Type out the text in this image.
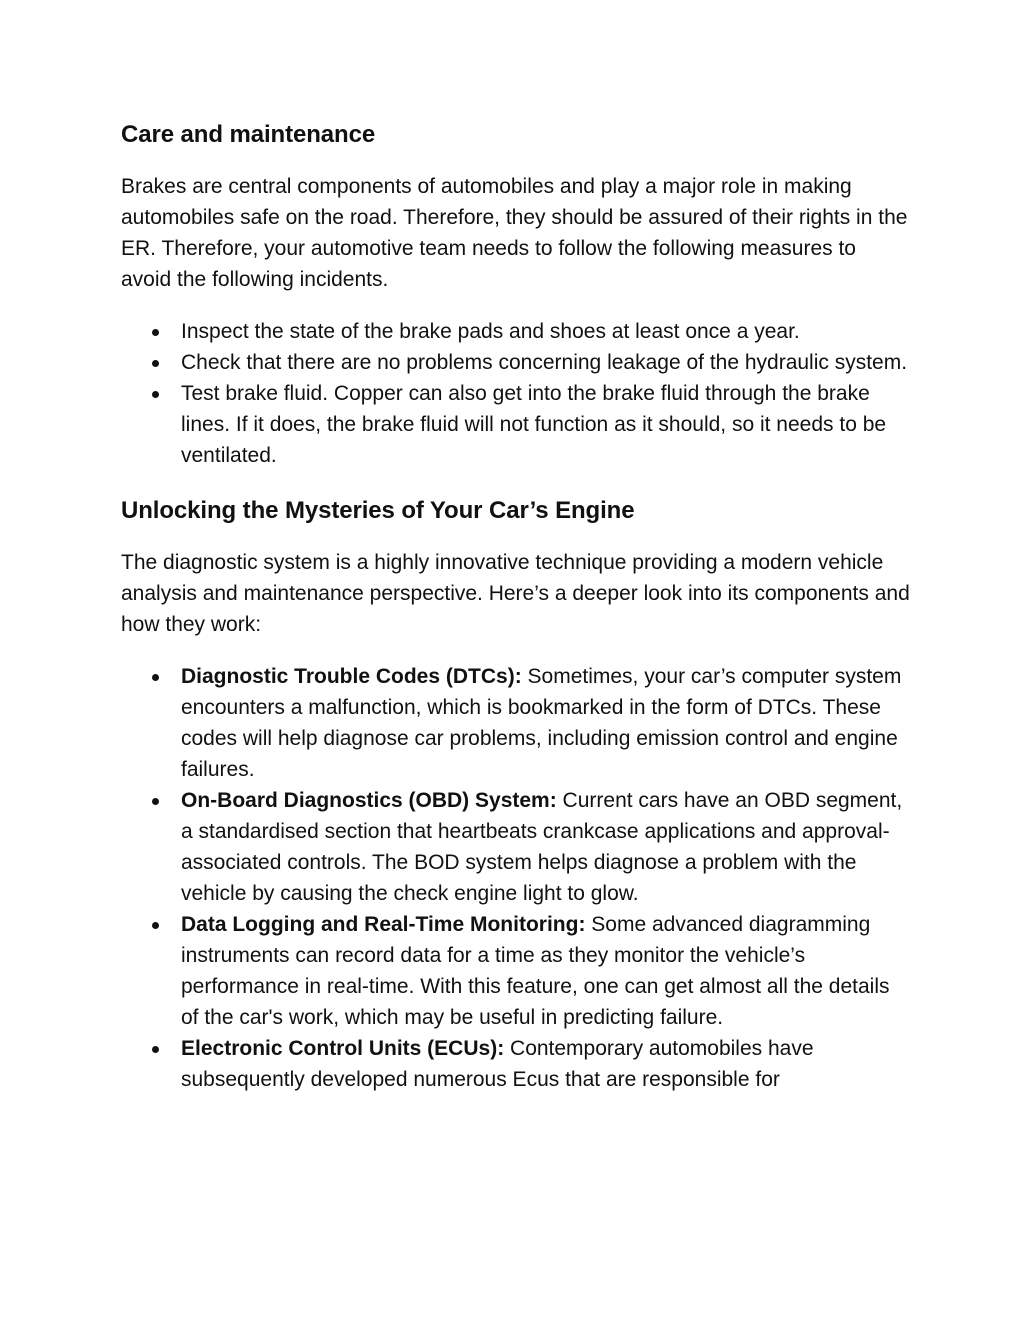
Care and maintenance

Brakes are central components of automobiles and play a major role in making automobiles safe on the road. Therefore, they should be assured of their rights in the ER. Therefore, your automotive team needs to follow the following measures to avoid the following incidents.

Inspect the state of the brake pads and shoes at least once a year.
Check that there are no problems concerning leakage of the hydraulic system.
Test brake fluid. Copper can also get into the brake fluid through the brake lines. If it does, the brake fluid will not function as it should, so it needs to be ventilated.
Unlocking the Mysteries of Your Car’s Engine

The diagnostic system is a highly innovative technique providing a modern vehicle analysis and maintenance perspective. Here’s a deeper look into its components and how they work:

Diagnostic Trouble Codes (DTCs): Sometimes, your car’s computer system encounters a malfunction, which is bookmarked in the form of DTCs. These codes will help diagnose car problems, including emission control and engine failures.
On-Board Diagnostics (OBD) System: Current cars have an OBD segment, a standardised section that heartbeats crankcase applications and approval-associated controls. The BOD system helps diagnose a problem with the vehicle by causing the check engine light to glow.
Data Logging and Real-Time Monitoring: Some advanced diagramming instruments can record data for a time as they monitor the vehicle’s performance in real-time. With this feature, one can get almost all the details of the car's work, which may be useful in predicting failure.
Electronic Control Units (ECUs): Contemporary automobiles have subsequently developed numerous Ecus that are responsible for
